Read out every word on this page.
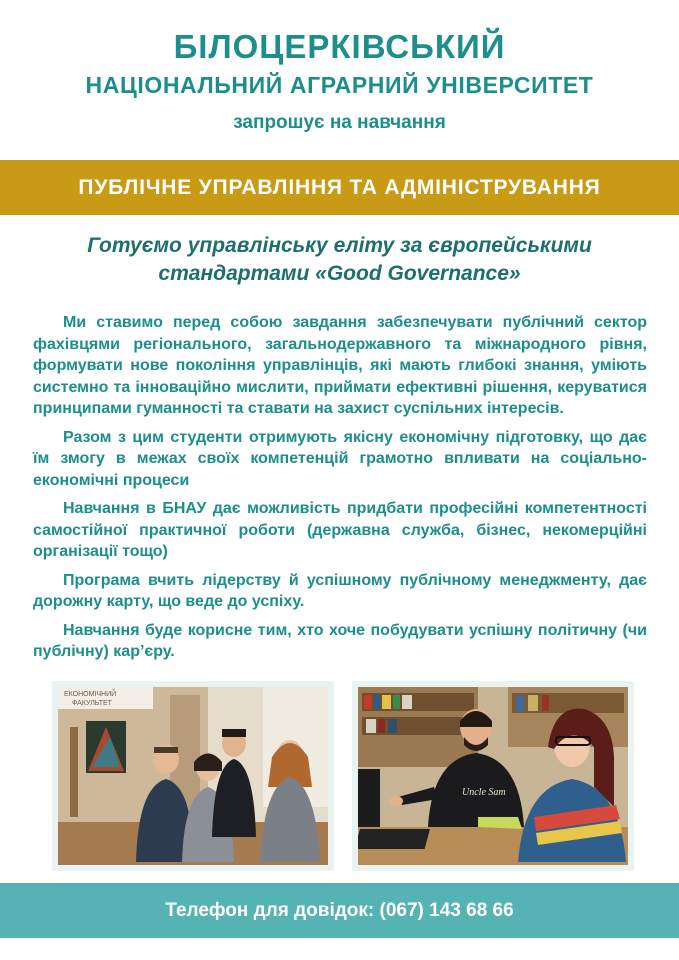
БІЛОЦЕРКІВСЬКИЙ
НАЦІОНАЛЬНИЙ АГРАРНИЙ УНІВЕРСИТЕТ
запрошує на навчання
ПУБЛІЧНЕ УПРАВЛІННЯ ТА АДМІНІСТРУВАННЯ
Готуємо управлінську еліту за європейськими
стандартами «Good Governance»

Ми ставимо перед собою завдання забезпечувати публічний сектор фахівцями регіонального, загальнодержавного та міжнародного рівня, формувати нове покоління управлінців, які мають глибокі знання, уміють системно та інноваційно мислити, приймати ефективні рішення, керуватися принципами гуманності та ставати на захист суспільних інтересів.

Разом з цим студенти отримують якісну економічну підготовку, що дає їм змогу в межах своїх компетенцій грамотно впливати на соціально-економічні процеси

Навчання в БНАУ дає можливість придбати професійні компетентності самостійної практичної роботи (державна служба, бізнес, некомерційні організації тощо)

Програма вчить лідерству й успішному публічному менеджменту, дає дорожну карту, що веде до успіху.

Навчання буде корисне тим, хто хоче побудувати успішну політичну (чи публічну) кар’єру.

ЕКОНОМІЧНИЙ
ФАКУЛЬТЕТ
Uncle Sam
Телефон для довідок: (067) 143 68 66
